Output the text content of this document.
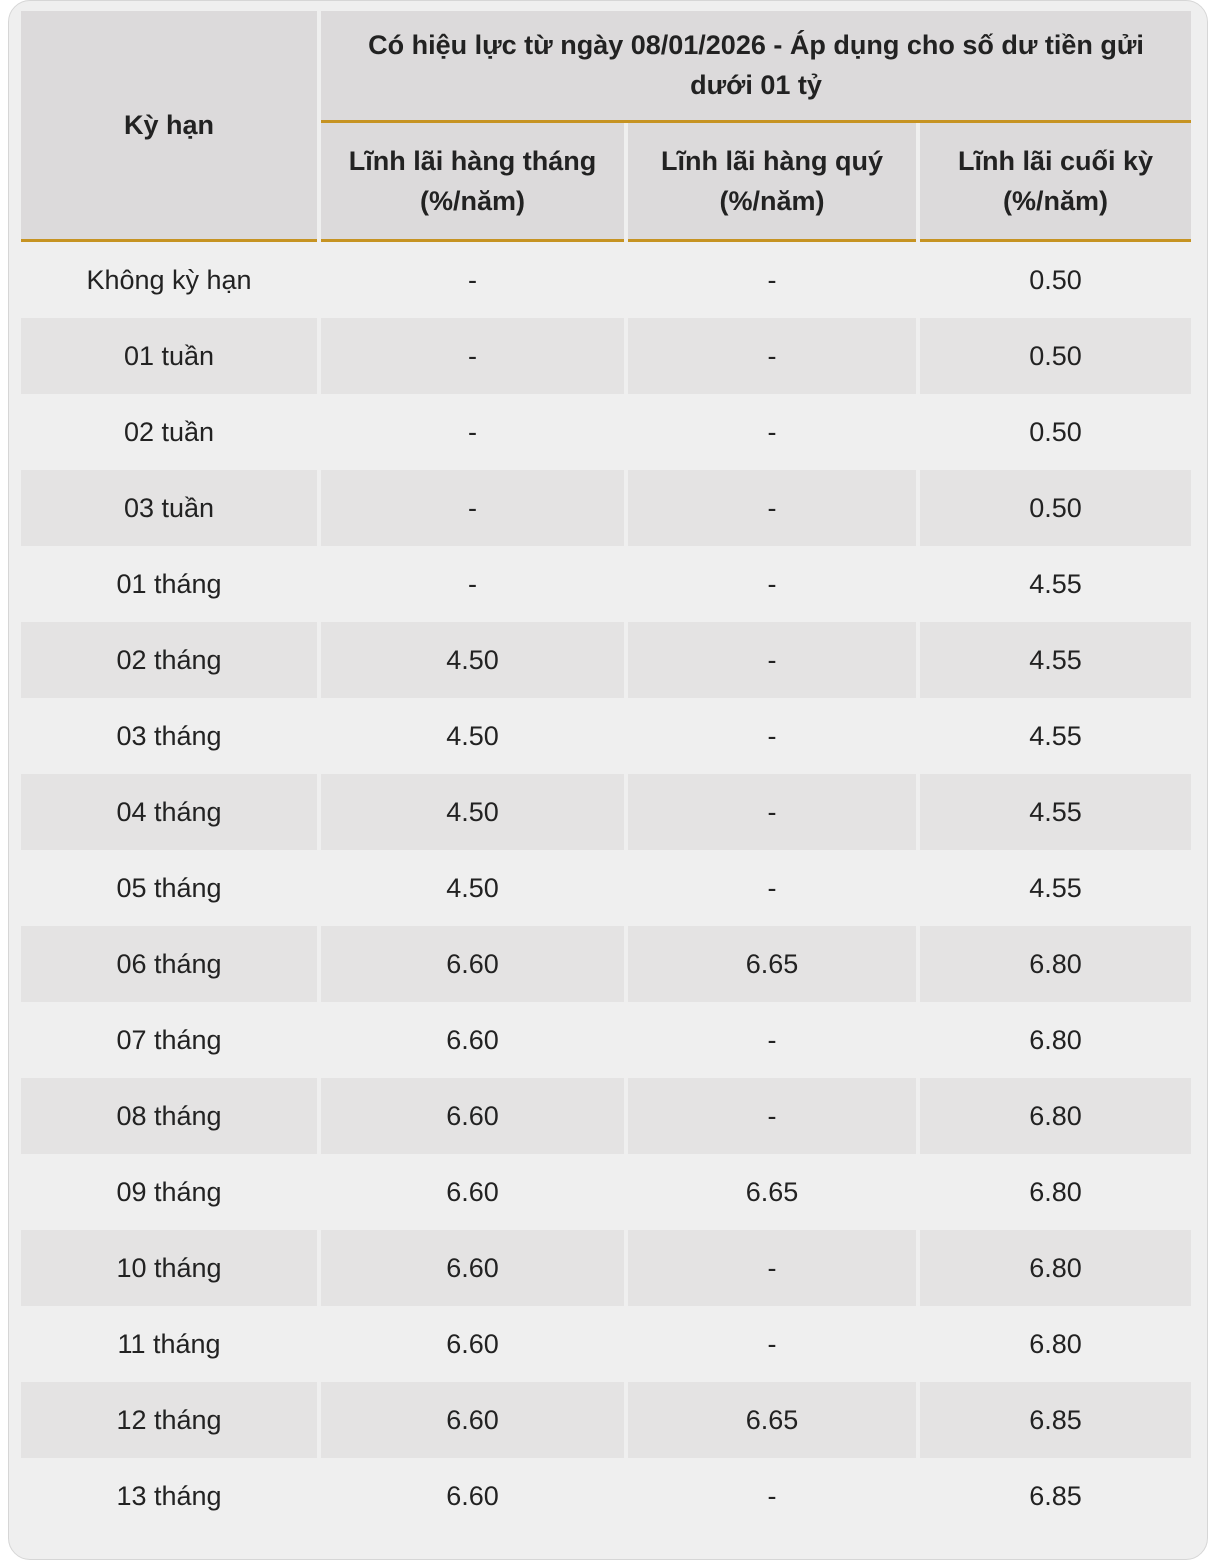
Kỳ hạn	Có hiệu lực từ ngày 08/01/2026 - Áp dụng cho số dư tiền gửi dưới 01 tỷ		
	Lĩnh lãi hàng tháng (%/năm)	Lĩnh lãi hàng quý (%/năm)	Lĩnh lãi cuối kỳ (%/năm)
Không kỳ hạn	-	-	0.50
01 tuần	-	-	0.50
02 tuần	-	-	0.50
03 tuần	-	-	0.50
01 tháng	-	-	4.55
02 tháng	4.50	-	4.55
03 tháng	4.50	-	4.55
04 tháng	4.50	-	4.55
05 tháng	4.50	-	4.55
06 tháng	6.60	6.65	6.80
07 tháng	6.60	-	6.80
08 tháng	6.60	-	6.80
09 tháng	6.60	6.65	6.80
10 tháng	6.60	-	6.80
11 tháng	6.60	-	6.80
12 tháng	6.60	6.65	6.85
13 tháng	6.60	-	6.85
